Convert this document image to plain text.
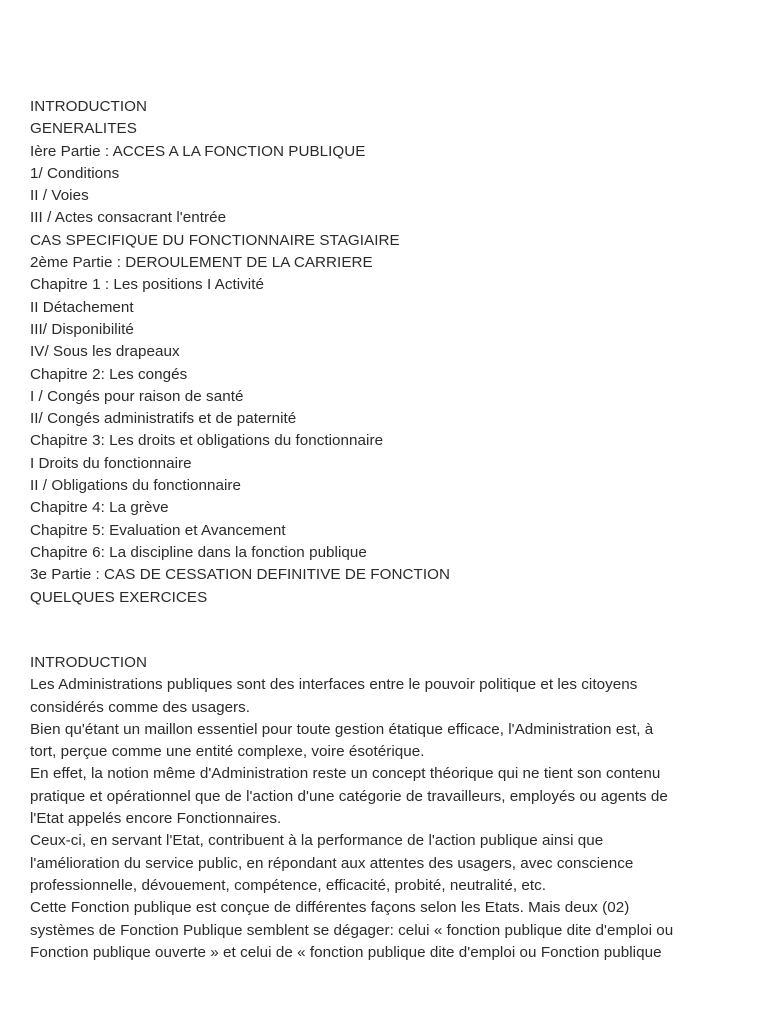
INTRODUCTION
GENERALITES
Ière Partie : ACCES A LA FONCTION PUBLIQUE
1/ Conditions
II / Voies
III / Actes consacrant l'entrée
CAS SPECIFIQUE DU FONCTIONNAIRE STAGIAIRE
2ème Partie : DEROULEMENT DE LA CARRIERE
Chapitre 1 : Les positions I Activité
II Détachement
III/ Disponibilité
IV/ Sous les drapeaux
Chapitre 2: Les congés
I / Congés pour raison de santé
II/ Congés administratifs et de paternité
Chapitre 3: Les droits et obligations du fonctionnaire
I Droits du fonctionnaire
II / Obligations du fonctionnaire
Chapitre 4: La grève
Chapitre 5: Evaluation et Avancement
Chapitre 6: La discipline dans la fonction publique
3e Partie : CAS DE CESSATION DEFINITIVE DE FONCTION
QUELQUES EXERCICES
INTRODUCTION
Les Administrations publiques sont des interfaces entre le pouvoir politique et les citoyens
considérés comme des usagers.
Bien qu'étant un maillon essentiel pour toute gestion étatique efficace, l'Administration est, à
tort, perçue comme une entité complexe, voire ésotérique.
En effet, la notion même d'Administration reste un concept théorique qui ne tient son contenu
pratique et opérationnel que de l'action d'une catégorie de travailleurs, employés ou agents de
l'Etat appelés encore Fonctionnaires.
Ceux-ci, en servant l'Etat, contribuent à la performance de l'action publique ainsi que
l'amélioration du service public, en répondant aux attentes des usagers, avec conscience
professionnelle, dévouement, compétence, efficacité, probité, neutralité, etc.
Cette Fonction publique est conçue de différentes façons selon les Etats. Mais deux (02)
systèmes de Fonction Publique semblent se dégager: celui « fonction publique dite d'emploi ou
Fonction publique ouverte » et celui de « fonction publique dite d'emploi ou Fonction publique
